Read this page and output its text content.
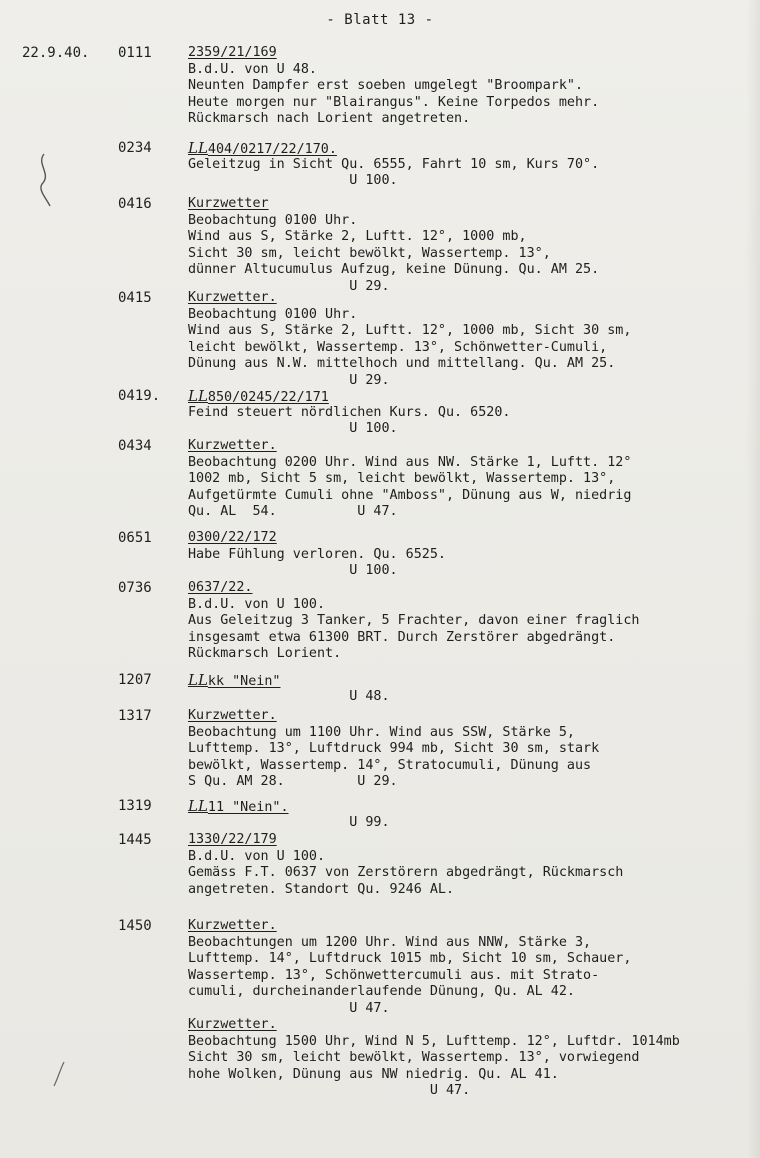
- Blatt 13 -
22.9.40. 0111	2359/21/169
B.d.U. von U 48.
Neunten Dampfer erst soeben umgelegt "Broompark".
Heute morgen nur "Blairangus". Keine Torpedos mehr.
Rückmarsch nach Lorient angetreten.
0234	LL404/0217/22/170.
Geleitzug in Sicht Qu. 6555, Fahrt 10 sm, Kurs 70°.
U 100.
0416	Kurzwetter
Beobachtung 0100 Uhr.
Wind aus S, Stärke 2, Luftt. 12°, 1000 mb,
Sicht 30 sm, leicht bewölkt, Wassertemp. 13°,
dünner Altucumulus Aufzug, keine Dünung. Qu. AM 25.
U 29.
0415	Kurzwetter.
Beobachtung 0100 Uhr.
Wind aus S, Stärke 2, Luftt. 12°, 1000 mb, Sicht 30 sm,
leicht bewölkt, Wassertemp. 13°, Schönwetter-Cumuli,
Dünung aus N.W. mittelhoch und mittellang. Qu. AM 25.
U 29.
0419.	LL850/0245/22/171
Feind steuert nördlichen Kurs. Qu. 6520.
U 100.
0434	Kurzwetter.
Beobachtung 0200 Uhr. Wind aus NW. Stärke 1, Luftt. 12°
1002 mb, Sicht 5 sm, leicht bewölkt, Wassertemp. 13°,
Aufgetürmte Cumuli ohne "Amboss", Dünung aus W, niedrig
Qu. AL  54.          U 47.
0651	0300/22/172
Habe Fühlung verloren. Qu. 6525.
U 100.
0736	0637/22.
B.d.U. von U 100.
Aus Geleitzug 3 Tanker, 5 Frachter, davon einer fraglich
insgesamt etwa 61300 BRT. Durch Zerstörer abgedrängt.
Rückmarsch Lorient.
1207	LLkk "Nein"
U 48.
1317	Kurzwetter.
Beobachtung um 1100 Uhr. Wind aus SSW, Stärke 5,
Lufttemp. 13°, Luftdruck 994 mb, Sicht 30 sm, stark
bewölkt, Wassertemp. 14°, Stratocumuli, Dünung aus
S Qu. AM 28.         U 29.
1319	LL11 "Nein".
U 99.
1445	1330/22/179
B.d.U. von U 100.
Gemäss F.T. 0637 von Zerstörern abgedrängt, Rückmarsch
angetreten. Standort Qu. 9246 AL.
1450	Kurzwetter.
Beobachtungen um 1200 Uhr. Wind aus NNW, Stärke 3,
Lufttemp. 14°, Luftdruck 1015 mb, Sicht 10 sm, Schauer,
Wassertemp. 13°, Schönwettercumuli aus. mit Strato-
cumuli, durcheinanderlaufende Dünung, Qu. AL 42.
U 47.
Kurzwetter.
Beobachtung 1500 Uhr, Wind N 5, Lufttemp. 12°, Luftdr. 1014mb
Sicht 30 sm, leicht bewölkt, Wassertemp. 13°, vorwiegend
hohe Wolken, Dünung aus NW niedrig. Qu. AL 41.
U 47.
